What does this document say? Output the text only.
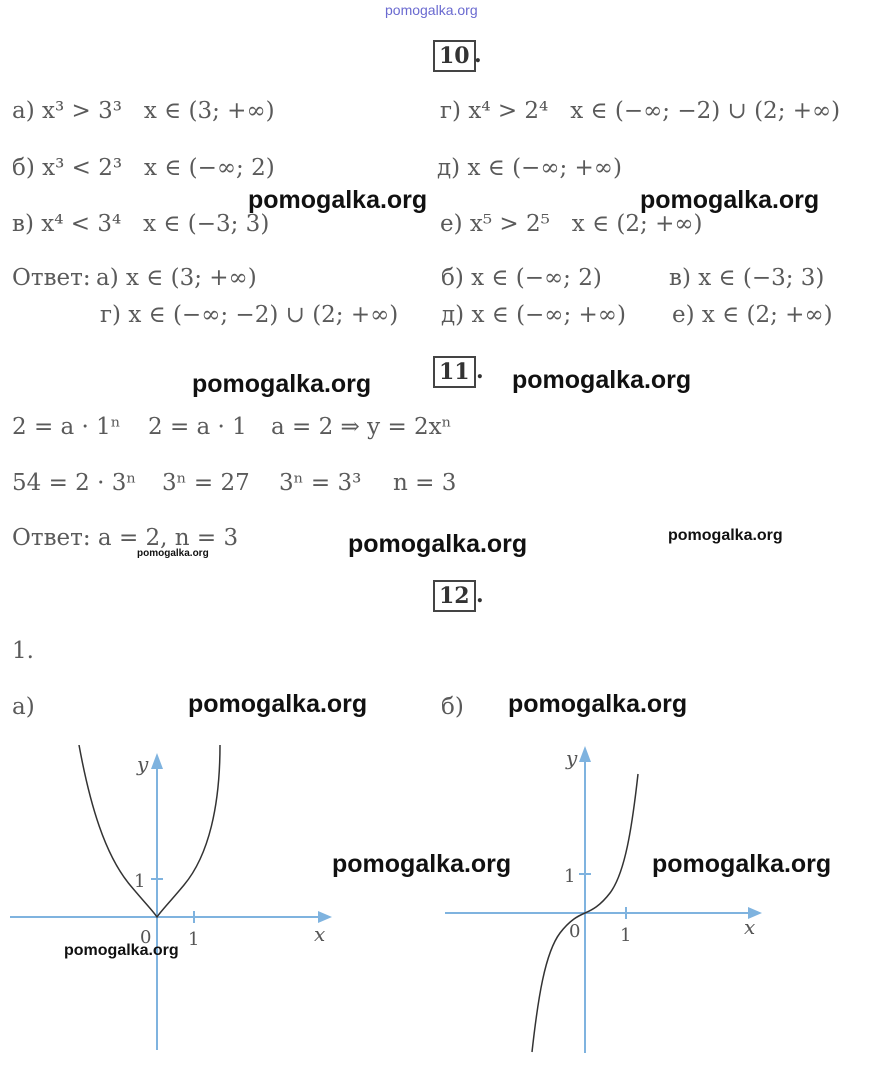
pomogalka.org
10 .
а) x³ > 3³ x ∈ (3; +∞)	г) x⁴ > 2⁴ x ∈ (−∞; −2) ∪ (2; +∞)
б) x³ < 2³ x ∈ (−∞; 2)	д) x ∈ (−∞; +∞)
в) x⁴ < 3⁴ x ∈ (−3; 3)	е) x⁵ > 2⁵ x ∈ (2; +∞)
pomogalka.org	pomogalka.org
Ответ: а) x ∈ (3; +∞)	б) x ∈ (−∞; 2)	в) x ∈ (−3; 3)
г) x ∈ (−∞; −2) ∪ (2; +∞) д) x ∈ (−∞; +∞) е) x ∈ (2; +∞)
11 .
pomogalka.org	pomogalka.org
2 = a · 1ⁿ 2 = a · 1 a = 2 ⇒ y = 2xⁿ
54 = 2 · 3ⁿ 3ⁿ = 27 3ⁿ = 3³ n = 3
Ответ: a = 2, n = 3
pomogalka.org	pomogalka.org	pomogalka.org
12 .
1.
а)	б)
pomogalka.org	pomogalka.org
y
1
0 1	x
pomogalka.org
y
1
0 1	x
pomogalka.org	pomogalka.org
